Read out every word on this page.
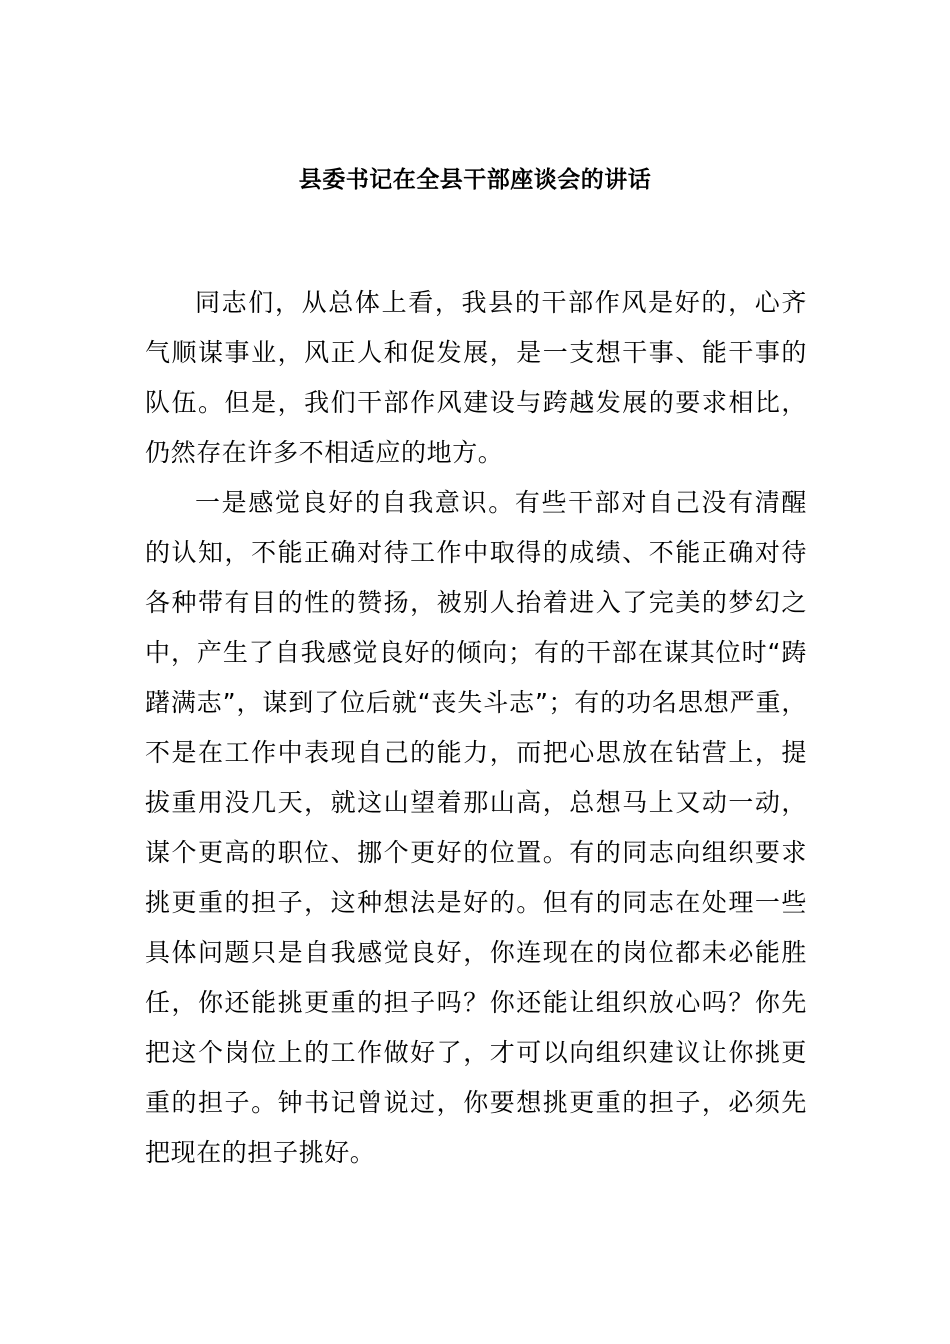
县委书记在全县干部座谈会的讲话

同志们，从总体上看，我县的干部作风是好的，心齐气顺谋事业，风正人和促发展，是一支想干事、能干事的队伍。但是，我们干部作风建设与跨越发展的要求相比，仍然存在许多不相适应的地方。

一是感觉良好的自我意识。有些干部对自己没有清醒的认知，不能正确对待工作中取得的成绩、不能正确对待各种带有目的性的赞扬，被别人抬着进入了完美的梦幻之中，产生了自我感觉良好的倾向；有的干部在谋其位时“踌躇满志”，谋到了位后就“丧失斗志”；有的功名思想严重，不是在工作中表现自己的能力，而把心思放在钻营上，提拔重用没几天，就这山望着那山高，总想马上又动一动，谋个更高的职位、挪个更好的位置。有的同志向组织要求挑更重的担子，这种想法是好的。但有的同志在处理一些具体问题只是自我感觉良好，你连现在的岗位都未必能胜任，你还能挑更重的担子吗？你还能让组织放心吗？你先把这个岗位上的工作做好了，才可以向组织建议让你挑更重的担子。钟书记曾说过，你要想挑更重的担子，必须先把现在的担子挑好。
